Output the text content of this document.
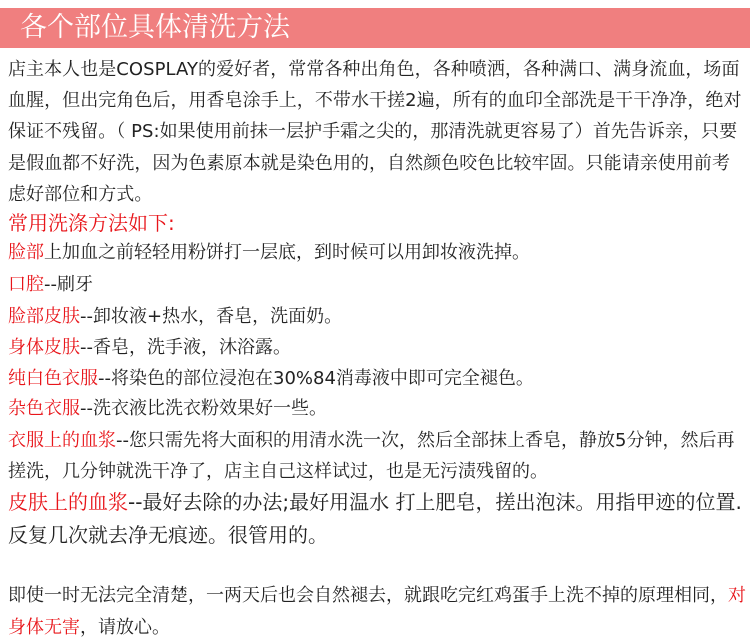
各个部位具体清洗方法
店主本人也是COSPLAY的爱好者，常常各种出角色，各种喷洒，各种满口、满身流血，场面血腥，但出完角色后，用香皂涂手上，不带水干搓2遍，所有的血印全部洗是干干净净，绝对保证不残留。（ PS:如果使用前抹一层护手霜之尖的，那清洗就更容易了）首先告诉亲，只要是假血都不好洗，因为色素原本就是染色用的，自然颜色咬色比较牢固。只能请亲使用前考虑好部位和方式。
常用洗涤方法如下:
脸部上加血之前轻轻用粉饼打一层底，到时候可以用卸妆液洗掉。
口腔--刷牙
脸部皮肤--卸妆液+热水，香皂，洗面奶。
身体皮肤--香皂，洗手液，沐浴露。
纯白色衣服--将染色的部位浸泡在30%84消毒液中即可完全褪色。
杂色衣服--洗衣液比洗衣粉效果好一些。
衣服上的血浆--您只需先将大面积的用清水洗一次，然后全部抹上香皂，静放5分钟，然后再搓洗，几分钟就洗干净了，店主自己这样试过，也是无污渍残留的。
皮肤上的血浆--最好去除的办法;最好用温水 打上肥皂，搓出泡沫。用指甲迹的位置.反复几次就去净无痕迹。很管用的。
即使一时无法完全清楚，一两天后也会自然褪去，就跟吃完红鸡蛋手上洗不掉的原理相同，对身体无害，请放心。
